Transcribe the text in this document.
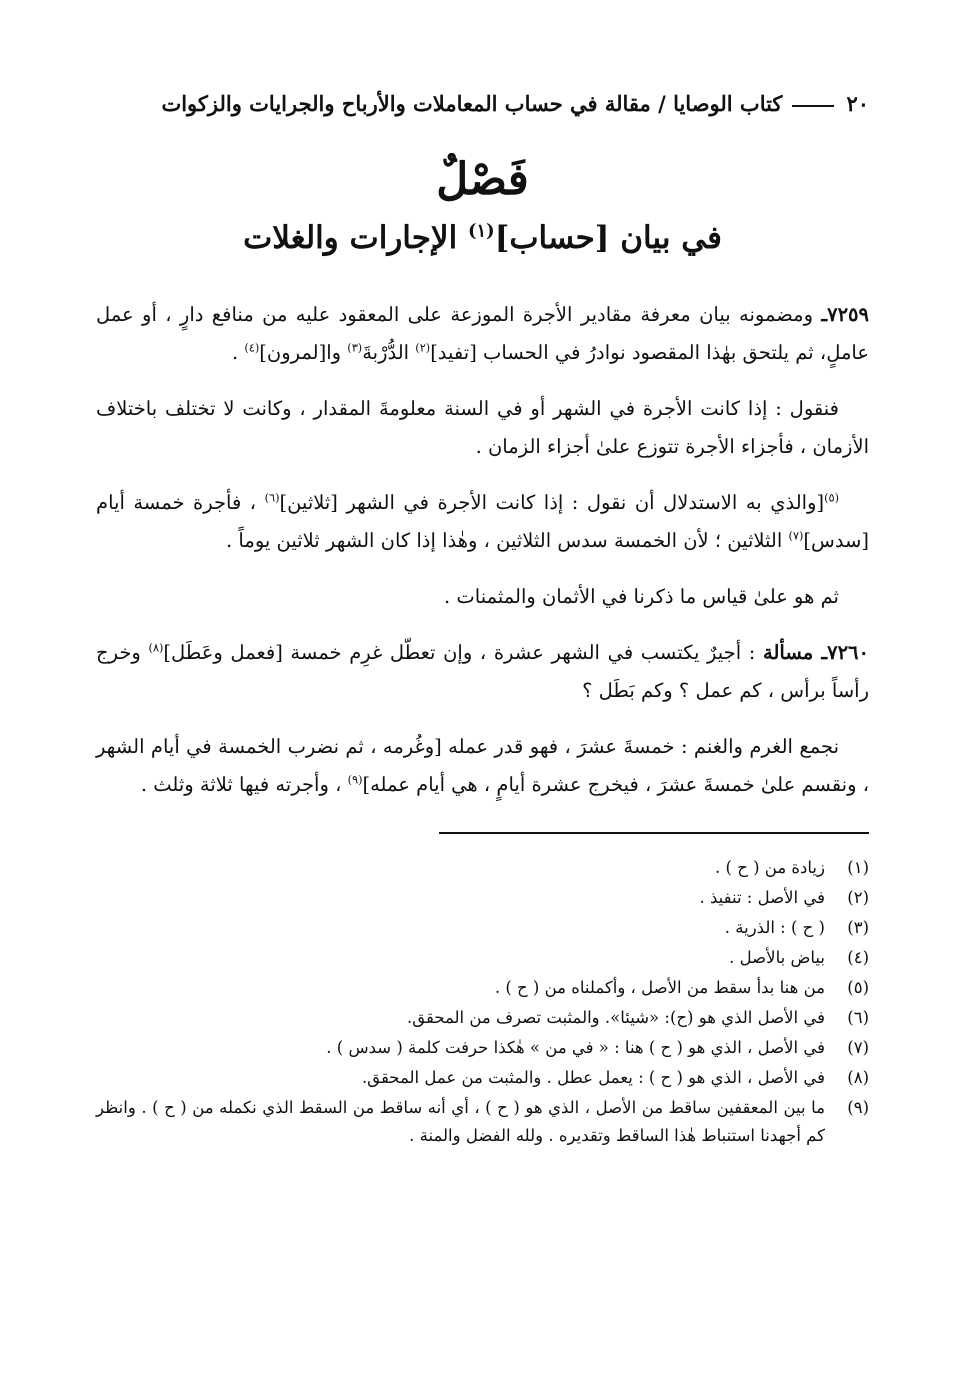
٢٠كتاب الوصايا / مقالة في حساب المعاملات والأرباح والجرايات والزكوات
فَصْلٌ
في بيان [حساب]$^{(١)}$ الإجارات والغلات

٧٢٥٩ـ ومضمونه بيان معرفة مقادير الأجرة الموزعة على المعقود عليه من منافع دارٍ ، أو عمل عاملٍ، ثم يلتحق بهٰذا المقصود نوادرُ في الحساب [تفيد]$^{(٢)}$ الدُّرْبةَ$^{(٣)}$ وا[لمرون]$^{(٤)}$ .

فنقول : إذا كانت الأجرة في الشهر أو في السنة معلومةَ المقدار ، وكانت لا تختلف باختلاف الأزمان ، فأجزاء الأجرة تتوزع علىٰ أجزاء الزمان .

$^{(٥)}$[والذي به الاستدلال أن نقول : إذا كانت الأجرة في الشهر [ثلاثين]$^{(٦)}$ ، فأجرة خمسة أيام [سدس]$^{(٧)}$ الثلاثين ؛ لأن الخمسة سدس الثلاثين ، وهٰذا إذا كان الشهر ثلاثين يوماً .

ثم هو علىٰ قياس ما ذكرنا في الأثمان والمثمنات .

٧٢٦٠ـ مسألة : أجيرٌ يكتسب في الشهر عشرة ، وإن تعطّل غرِم خمسة [فعمل وعَطَل]$^{(٨)}$ وخرج رأساً برأس ، كم عمل ؟ وكم بَطَل ؟

نجمع الغرم والغنم : خمسةَ عشرَ ، فهو قدر عمله [وغُرمه ، ثم نضرب الخمسة في أيام الشهر ، ونقسم علىٰ خمسةَ عشرَ ، فيخرج عشرة أيامٍ ، هي أيام عمله]$^{(٩)}$ ، وأجرته فيها ثلاثة وثلث .

(١)
زيادة من ( ح ) .
(٢)
في الأصل : تنفيذ .
(٣)
( ح ) : الذرية .
(٤)
بياض بالأصل .
(٥)
من هنا بدأ سقط من الأصل ، وأكملناه من ( ح ) .
(٦)
في الأصل الذي هو (ح): «شيئا». والمثبت تصرف من المحقق.
(٧)
في الأصل ، الذي هو ( ح ) هنا : « في من » هٰكذا حرفت كلمة ( سدس ) .
(٨)
في الأصل ، الذي هو ( ح ) : يعمل عطل . والمثبت من عمل المحقق.
(٩)
ما بين المعقفين ساقط من الأصل ، الذي هو ( ح ) ، أي أنه ساقط من السقط الذي نكمله من ( ح ) . وانظر كم أجهدنا استنباط هٰذا الساقط وتقديره . ولله الفضل والمنة .
